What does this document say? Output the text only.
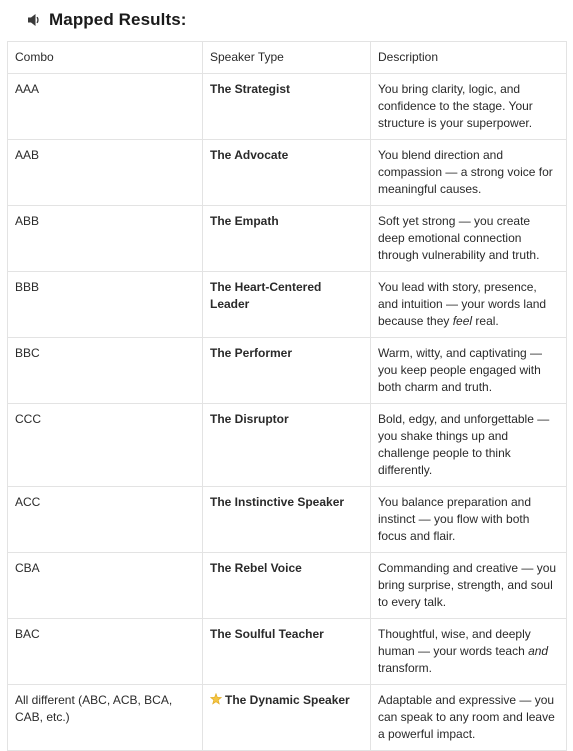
Mapped Results:
Combo	Speaker Type	Description
AAA	The Strategist	You bring clarity, logic, and confidence to the stage. Your structure is your superpower.
AAB	The Advocate	You blend direction and compassion — a strong voice for meaningful causes.
ABB	The Empath	Soft yet strong — you create deep emotional connection through vulnerability and truth.
BBB	The Heart-Centered Leader	You lead with story, presence, and intuition — your words land because they feel real.
BBC	The Performer	Warm, witty, and captivating — you keep people engaged with both charm and truth.
CCC	The Disruptor	Bold, edgy, and unforgettable — you shake things up and challenge people to think differently.
ACC	The Instinctive Speaker	You balance preparation and instinct — you flow with both focus and flair.
CBA	The Rebel Voice	Commanding and creative — you bring surprise, strength, and soul to every talk.
BAC	The Soulful Teacher	Thoughtful, wise, and deeply human — your words teach and transform.
All different (ABC, ACB, BCA, CAB, etc.)	The Dynamic Speaker	Adaptable and expressive — you can speak to any room and leave a powerful impact.
